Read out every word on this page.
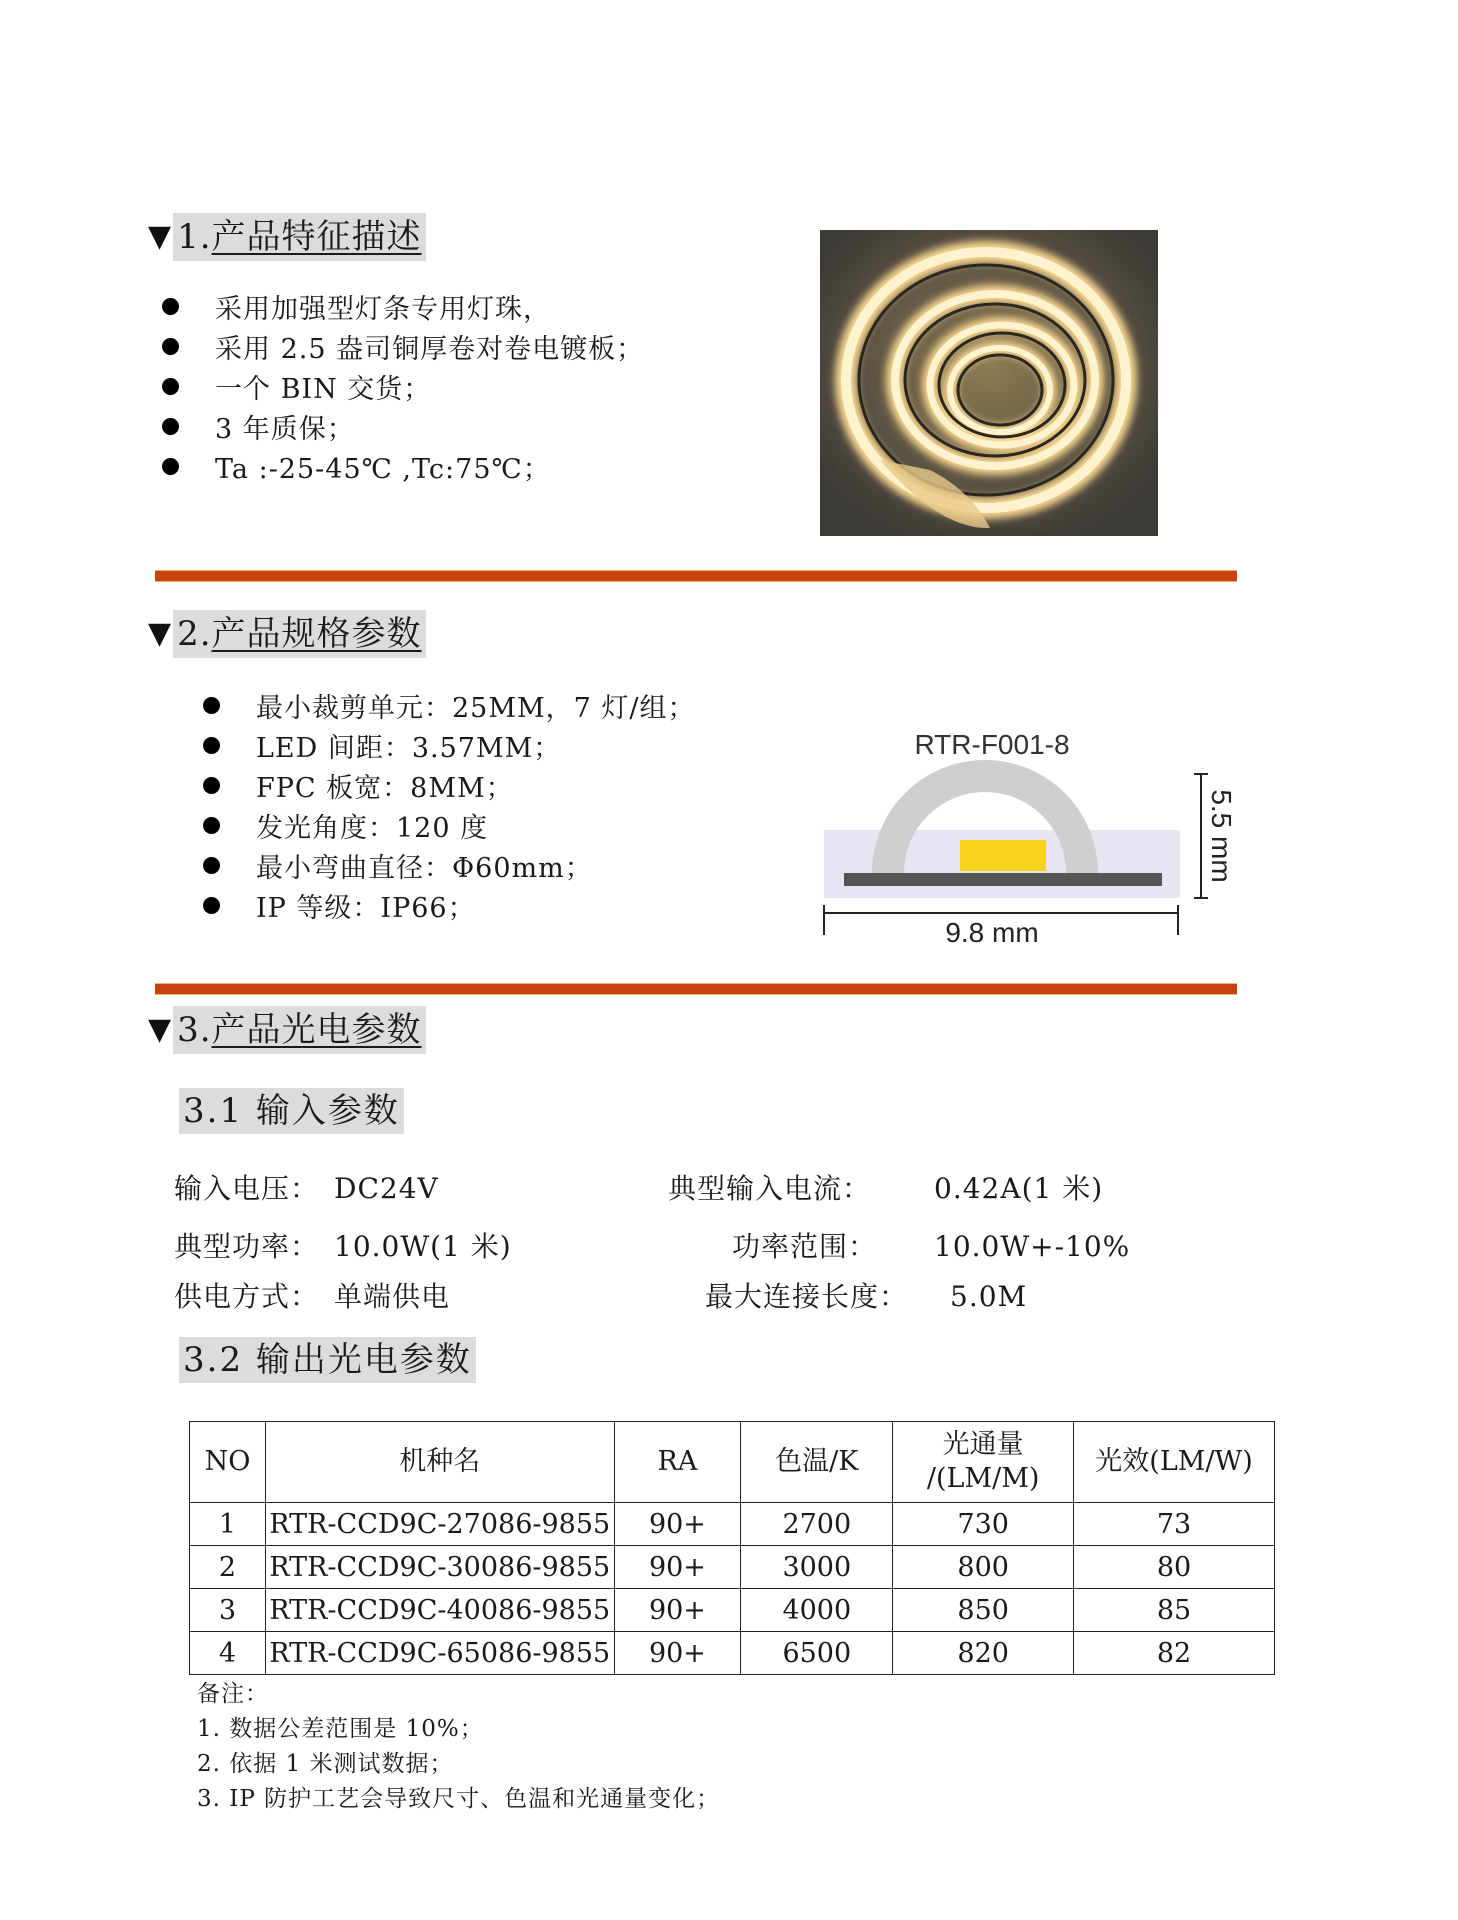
▼ 1.产品特征描述
采用加强型灯条专用灯珠，
采用 2.5 盎司铜厚卷对卷电镀板；
一个 BIN 交货；
3 年质保；
Ta :-25-45℃ ,Tc:75℃；
▼ 2.产品规格参数
最小裁剪单元：25MM，7 灯/组；
LED 间距：3.57MM；
FPC 板宽：8MM；
发光角度：120 度
最小弯曲直径：Φ60mm；
IP 等级：IP66；
RTR-F001-8
9.8 mm
5.5 mm
▼ 3.产品光电参数
3.1 输入参数
输入电压： DC24V	典型输入电流： 0.42A(1 米)
典型功率： 10.0W(1 米)	功率范围： 10.0W+-10%
供电方式： 单端供电	最大连接长度： 5.0M
3.2 输出光电参数
NO	机种名	RA	色温/K	光通量
/(LM/M)	光效(LM/W)
1	RTR-CCD9C-27086-9855	90+	2700	730	73
2	RTR-CCD9C-30086-9855	90+	3000	800	80
3	RTR-CCD9C-40086-9855	90+	4000	850	85
4	RTR-CCD9C-65086-9855	90+	6500	820	82
备注：
1. 数据公差范围是 10%；
2. 依据 1 米测试数据；
3. IP 防护工艺会导致尺寸、色温和光通量变化；
